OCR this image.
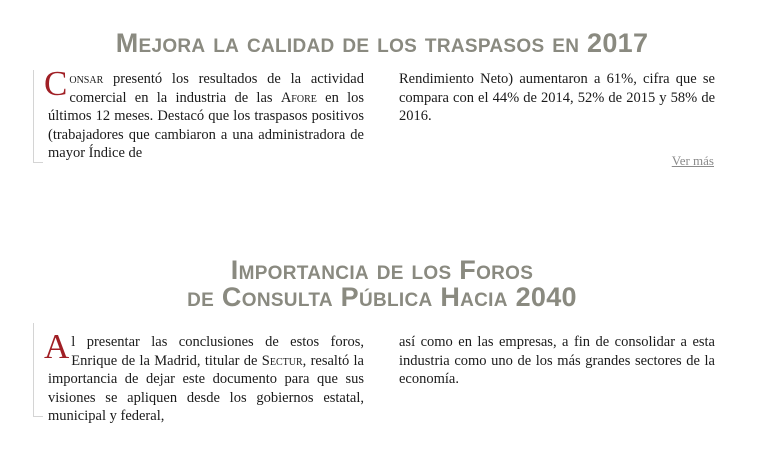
Mejora la calidad de los traspasos en 2017
Consar presentó los resultados de la actividad comercial en la industria de las Afore en los últimos 12 meses. Destacó que los traspasos positivos (trabajadores que cambiaron a una administradora de mayor Índice de
Rendimiento Neto) aumentaron a 61%, cifra que se compara con el 44% de 2014, 52% de 2015 y 58% de 2016.
Ver más
Importancia de los Foros
de Consulta Pública Hacia 2040
Al presentar las conclusiones de estos foros, Enrique de la Madrid, titular de Sectur, resaltó la importancia de dejar este documento para que sus visiones se apliquen desde los gobiernos estatal, municipal y federal,
así como en las empresas, a fin de consolidar a esta industria como uno de los más grandes sectores de la economía.
